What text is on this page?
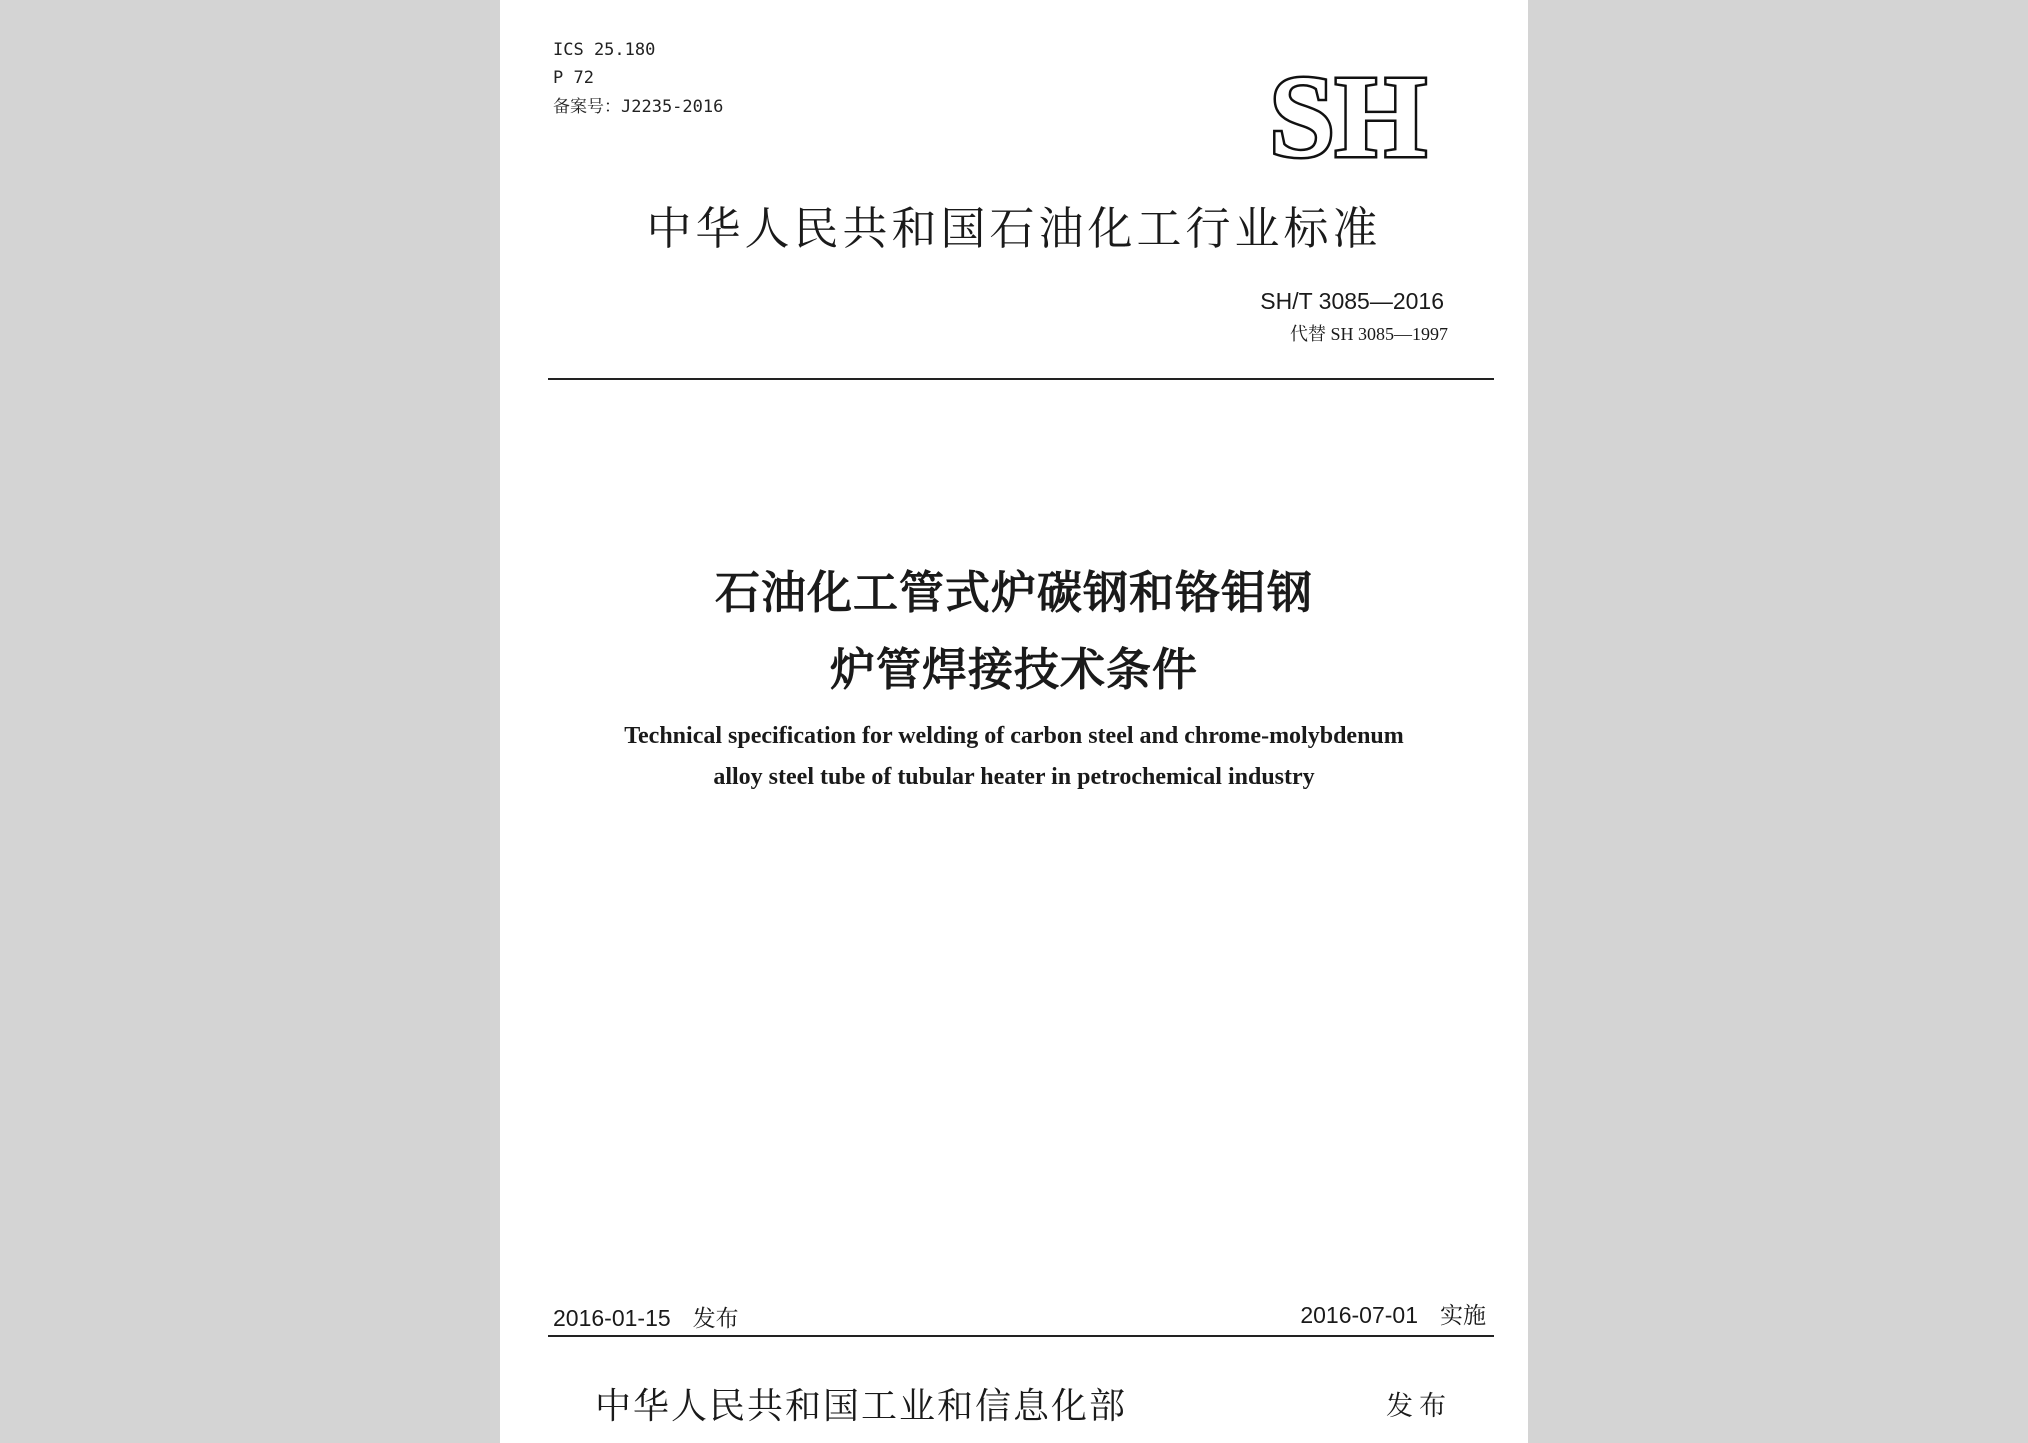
ICS 25.180
P 72
备案号：J2235-2016	SH
中华人民共和国石油化工行业标准
SH/T 3085—2016
代替 SH 3085—1997
石油化工管式炉碳钢和铬钼钢
炉管焊接技术条件
Technical specification for welding of carbon steel and chrome-molybdenum
alloy steel tube of tubular heater in petrochemical industry
2016-01-15 发布	2016-07-01 实施
中华人民共和国工业和信息化部	发布
